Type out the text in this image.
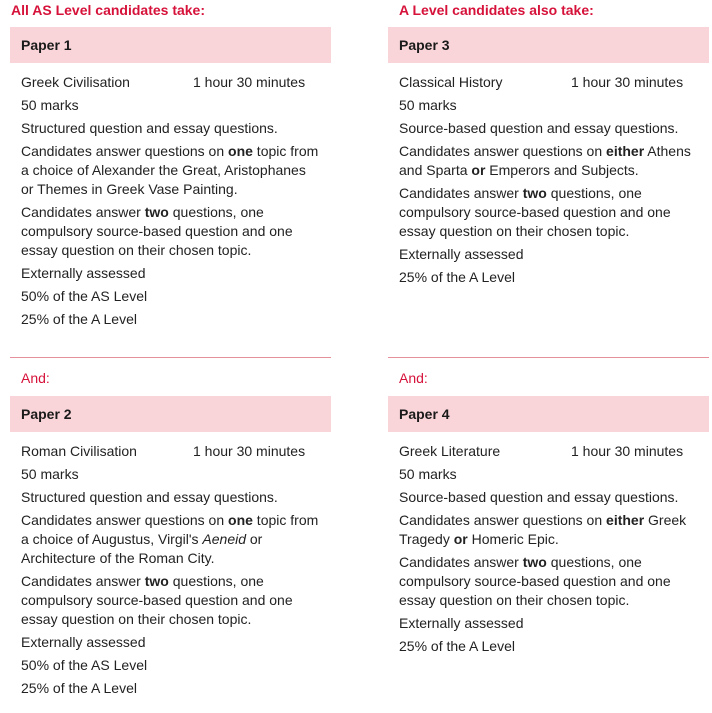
All AS Level candidates take:
Paper 1
Greek Civilisation	1 hour 30 minutes
50 marks
Structured question and essay questions.
Candidates answer questions on one topic from a choice of Alexander the Great, Aristophanes or Themes in Greek Vase Painting.
Candidates answer two questions, one compulsory source-based question and one essay question on their chosen topic.
Externally assessed
50% of the AS Level
25% of the A Level
And:
Paper 2
Roman Civilisation	1 hour 30 minutes
50 marks
Structured question and essay questions.
Candidates answer questions on one topic from a choice of Augustus, Virgil's Aeneid or Architecture of the Roman City.
Candidates answer two questions, one compulsory source-based question and one essay question on their chosen topic.
Externally assessed
50% of the AS Level
25% of the A Level
A Level candidates also take:
Paper 3
Classical History	1 hour 30 minutes
50 marks
Source-based question and essay questions.
Candidates answer questions on either Athens and Sparta or Emperors and Subjects.
Candidates answer two questions, one compulsory source-based question and one essay question on their chosen topic.
Externally assessed
25% of the A Level
And:
Paper 4
Greek Literature	1 hour 30 minutes
50 marks
Source-based question and essay questions.
Candidates answer questions on either Greek Tragedy or Homeric Epic.
Candidates answer two questions, one compulsory source-based question and one essay question on their chosen topic.
Externally assessed
25% of the A Level
